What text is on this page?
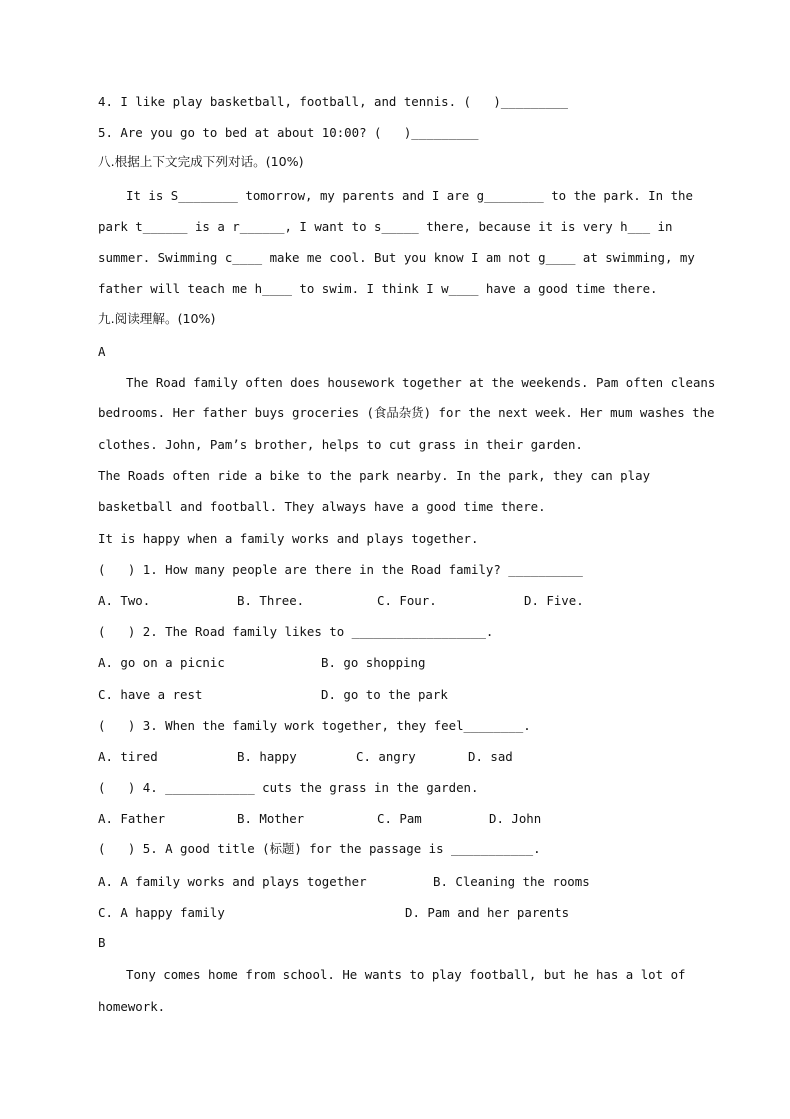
4. I like play basketball, football, and tennis. (   )_________
5. Are you go to bed at about 10:00? (   )_________
八.根据上下文完成下列对话。(10%)
It is S________ tomorrow, my parents and I are g________ to the park. In the
park t______ is a r______, I want to s_____ there, because it is very h___ in
summer. Swimming c____ make me cool. But you know I am not g____ at swimming, my
father will teach me h____ to swim. I think I w____ have a good time there.
九.阅读理解。(10%)
A
The Road family often does housework together at the weekends. Pam often cleans
bedrooms. Her father buys groceries (食品杂货) for the next week. Her mum washes the
clothes. John, Pam’s brother, helps to cut grass in their garden.
The Roads often ride a bike to the park nearby. In the park, they can play
basketball and football. They always have a good time there.
It is happy when a family works and plays together.
(   ) 1. How many people are there in the Road family? __________
A. Two.	B. Three.	C. Four.	D. Five.
(   ) 2. The Road family likes to __________________.
A. go on a picnic	B. go shopping
C. have a rest	D. go to the park
(   ) 3. When the family work together, they feel________.
A. tired	B. happy	C. angry	D. sad
(   ) 4. ____________ cuts the grass in the garden.
A. Father	B. Mother	C. Pam	D. John
(   ) 5. A good title (标题) for the passage is ___________.
A. A family works and plays together	B. Cleaning the rooms
C. A happy family	D. Pam and her parents
B
Tony comes home from school. He wants to play football, but he has a lot of
homework.
